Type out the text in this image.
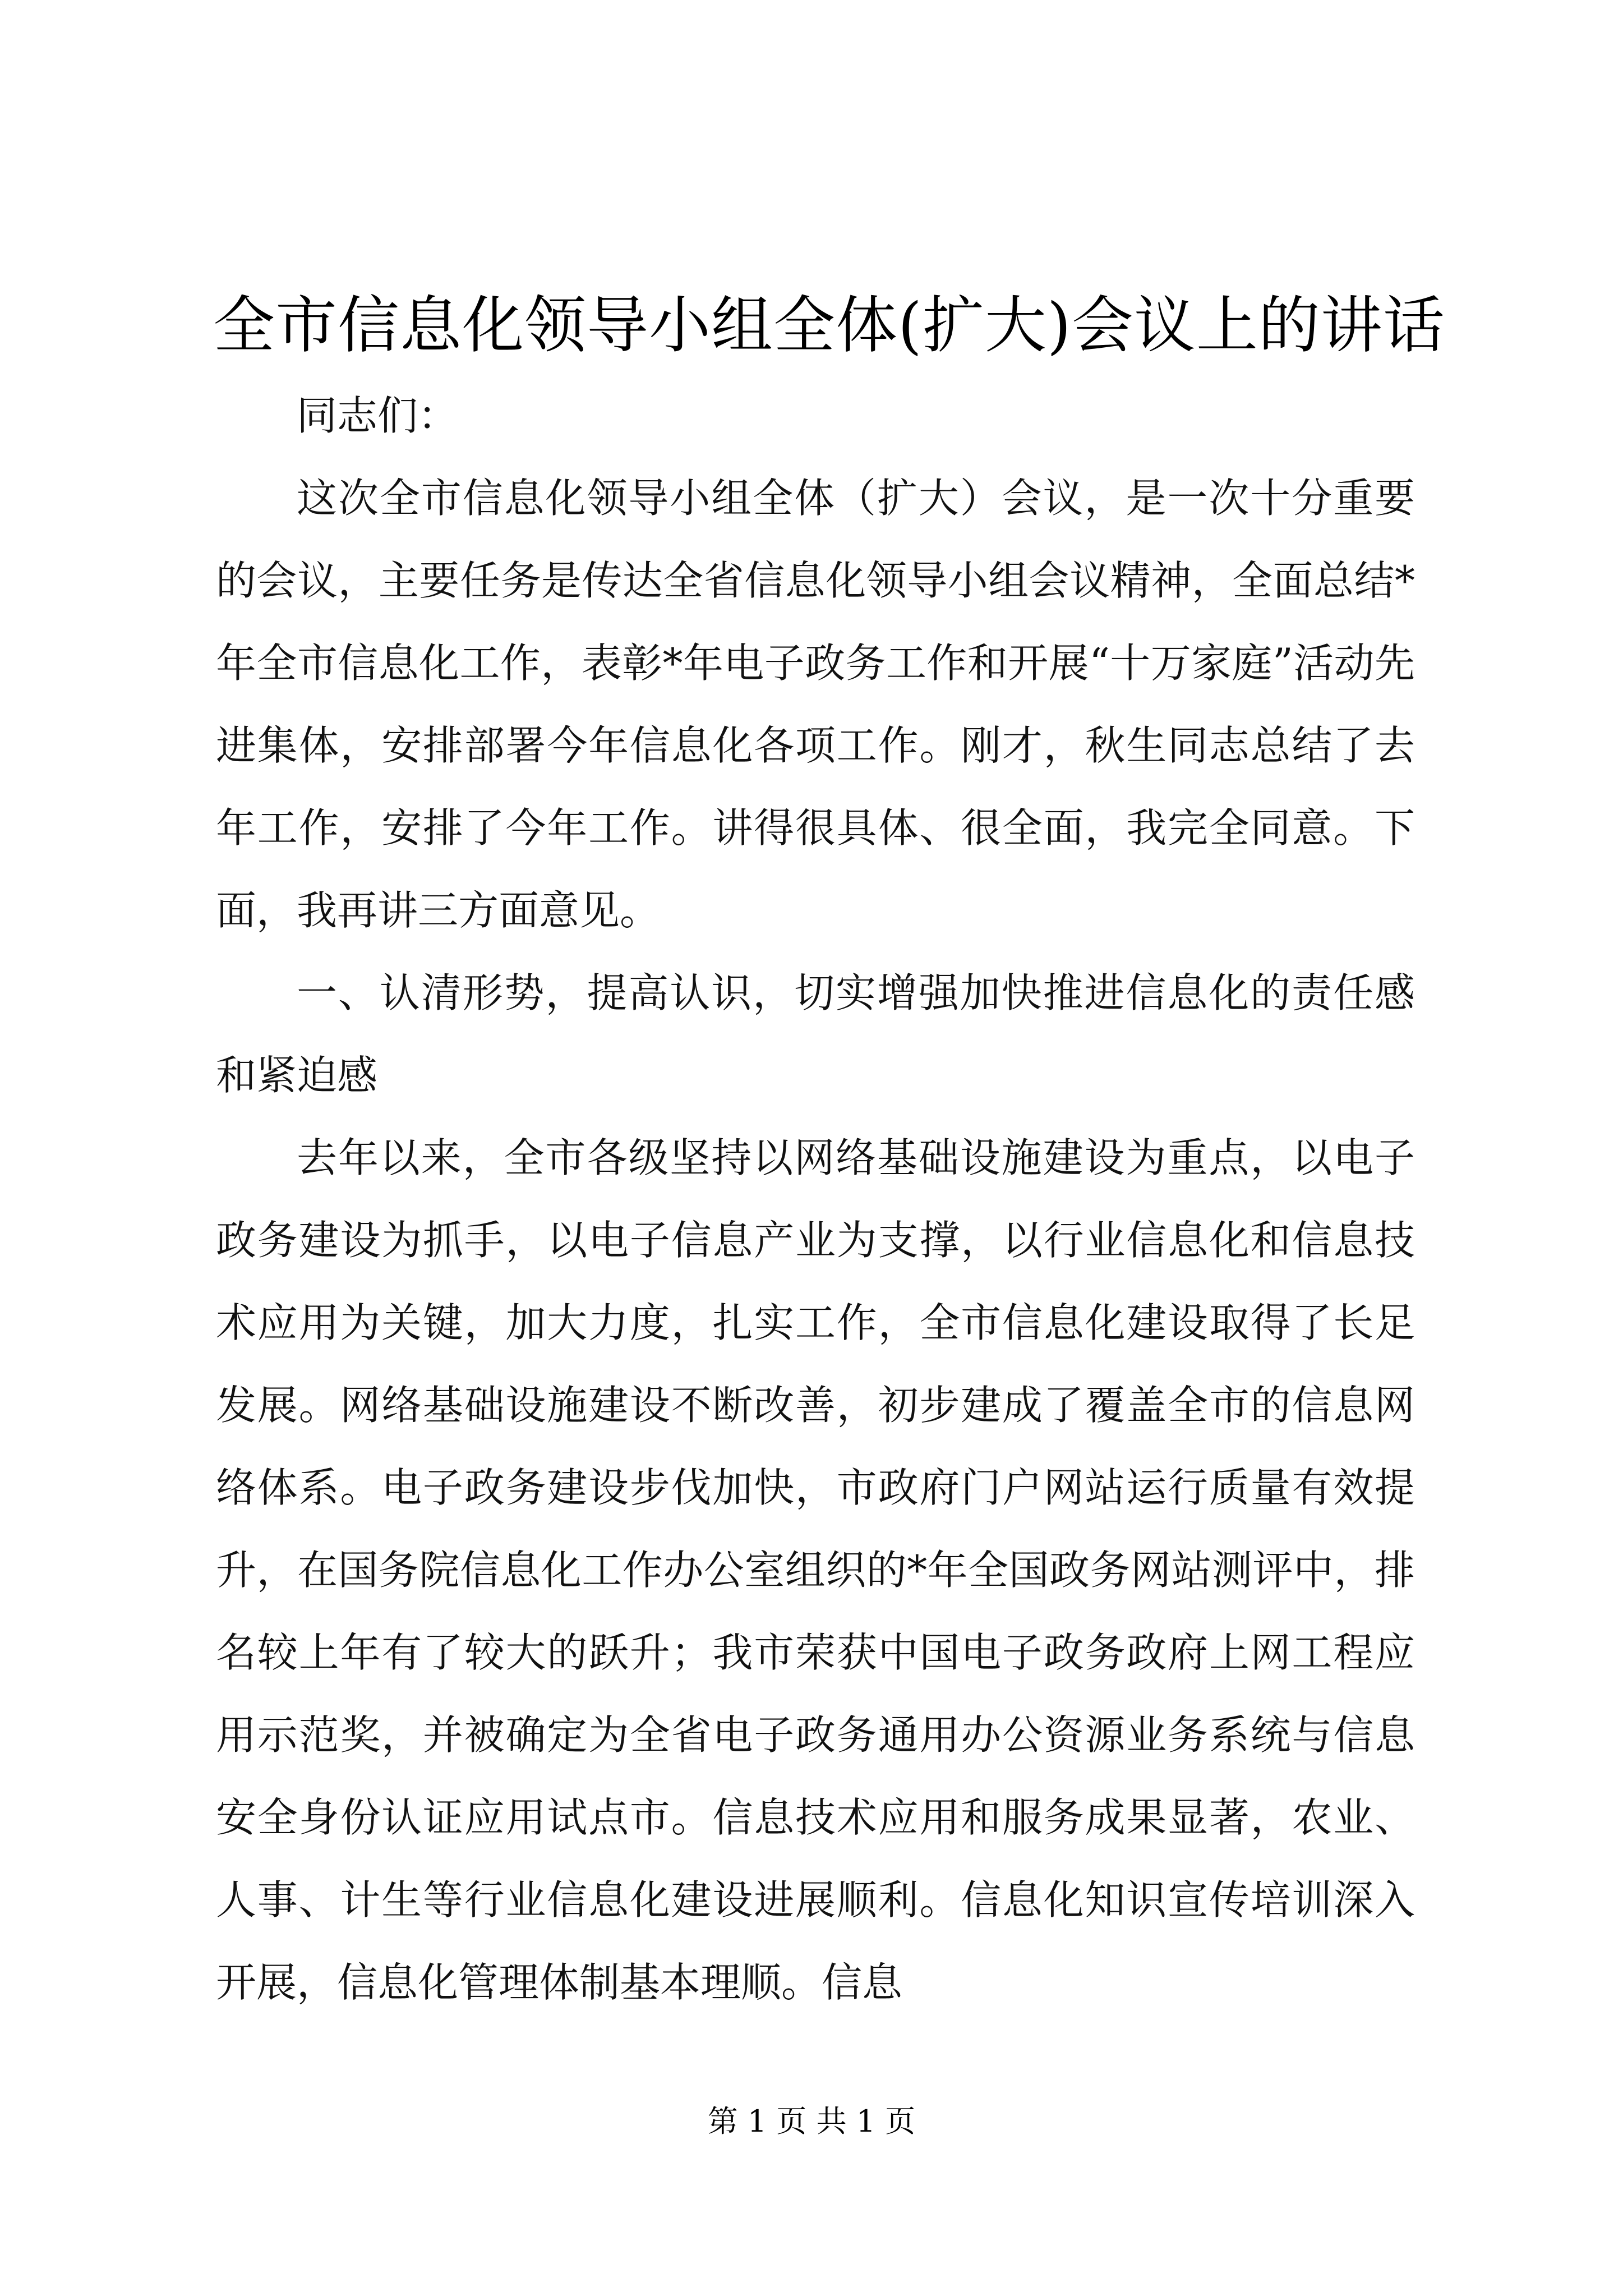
全市信息化领导小组全体(扩大)会议上的讲话

同志们：

这次全市信息化领导小组全体（扩大）会议，是一次十分重要的会议，主要任务是传达全省信息化领导小组会议精神，全面总结*年全市信息化工作，表彰*年电子政务工作和开展“十万家庭”活动先进集体，安排部署今年信息化各项工作。刚才，秋生同志总结了去年工作，安排了今年工作。讲得很具体、很全面，我完全同意。下面，我再讲三方面意见。

一、认清形势，提高认识，切实增强加快推进信息化的责任感和紧迫感

去年以来，全市各级坚持以网络基础设施建设为重点，以电子政务建设为抓手，以电子信息产业为支撑，以行业信息化和信息技术应用为关键，加大力度，扎实工作，全市信息化建设取得了长足发展。网络基础设施建设不断改善，初步建成了覆盖全市的信息网络体系。电子政务建设步伐加快，市政府门户网站运行质量有效提升，在国务院信息化工作办公室组织的*年全国政务网站测评中，排名较上年有了较大的跃升；我市荣获中国电子政务政府上网工程应用示范奖，并被确定为全省电子政务通用办公资源业务系统与信息安全身份认证应用试点市。信息技术应用和服务成果显著，农业、人事、计生等行业信息化建设进展顺利。信息化知识宣传培训深入开展，信息化管理体制基本理顺。信息

第 1 页 共 1 页
